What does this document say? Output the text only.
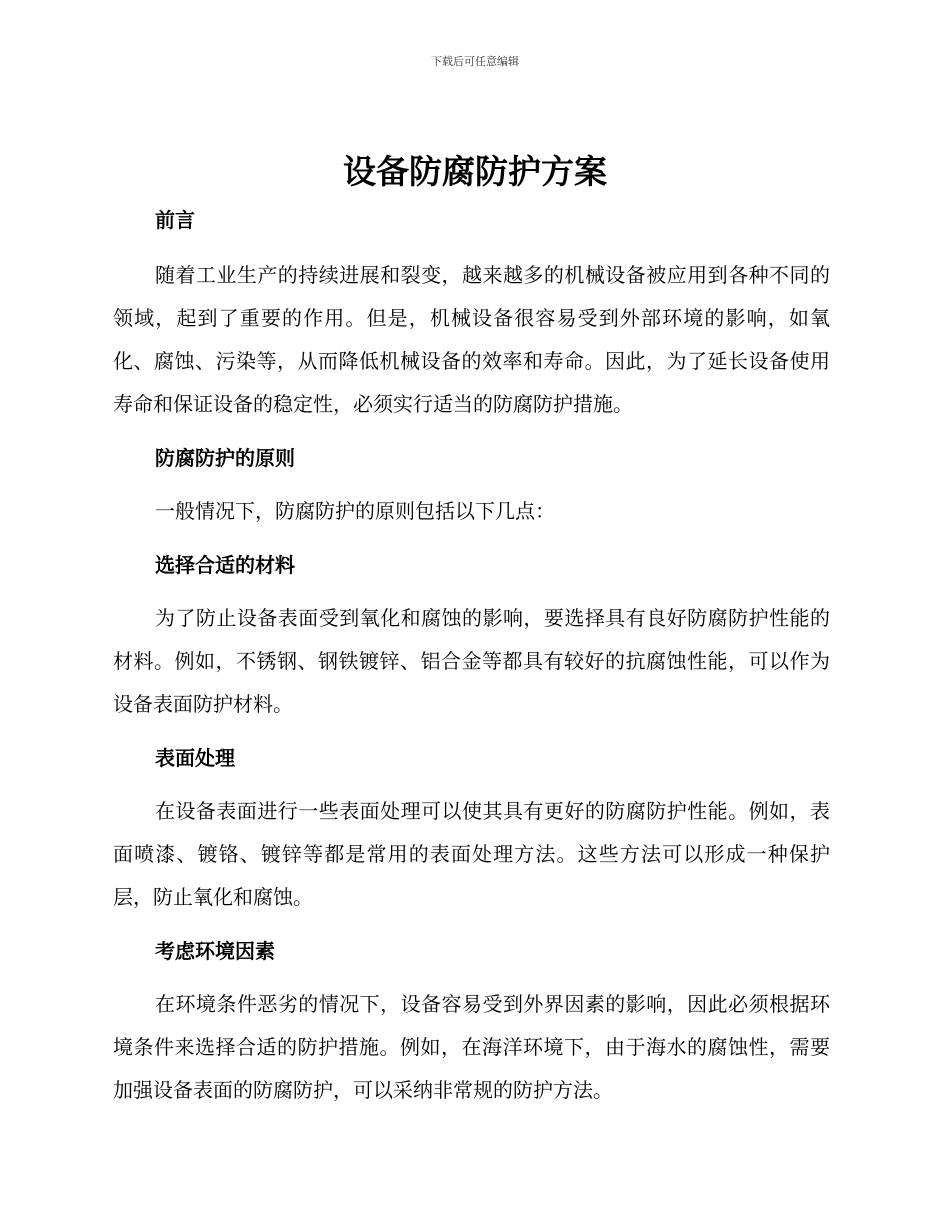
下载后可任意编辑
设备防腐防护方案
前言

随着工业生产的持续进展和裂变，越来越多的机械设备被应用到各种不同的领域，起到了重要的作用。但是，机械设备很容易受到外部环境的影响，如氧化、腐蚀、污染等，从而降低机械设备的效率和寿命。因此，为了延长设备使用寿命和保证设备的稳定性，必须实行适当的防腐防护措施。

防腐防护的原则

一般情况下，防腐防护的原则包括以下几点：

选择合适的材料

为了防止设备表面受到氧化和腐蚀的影响，要选择具有良好防腐防护性能的材料。例如，不锈钢、钢铁镀锌、铝合金等都具有较好的抗腐蚀性能，可以作为设备表面防护材料。

表面处理

在设备表面进行一些表面处理可以使其具有更好的防腐防护性能。例如，表面喷漆、镀铬、镀锌等都是常用的表面处理方法。这些方法可以形成一种保护层，防止氧化和腐蚀。

考虑环境因素

在环境条件恶劣的情况下，设备容易受到外界因素的影响，因此必须根据环境条件来选择合适的防护措施。例如，在海洋环境下，由于海水的腐蚀性，需要加强设备表面的防腐防护，可以采纳非常规的防护方法。
